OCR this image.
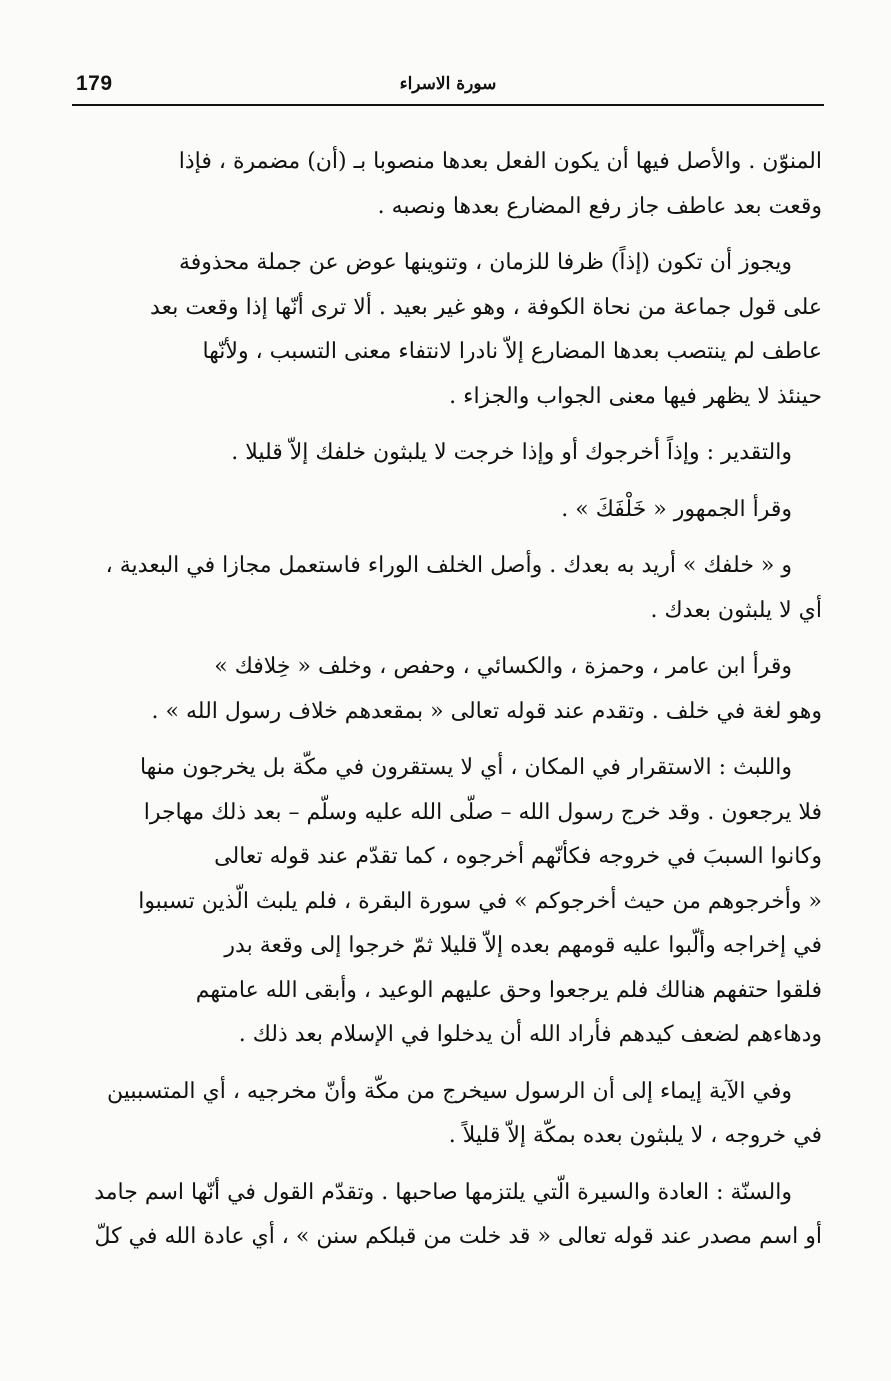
179	سورة الاسراء

المنوّن . والأصل فيها أن يكون الفعل بعدها منصوبا بـ (أن) مضمرة ، فإذا
وقعت بعد عاطف جاز رفع المضارع بعدها ونصبه .

ويجوز أن تكون (إذاً) ظرفا للزمان ، وتنوينها عوض عن جملة محذوفة
على قول جماعة من نحاة الكوفة ، وهو غير بعيد . ألا ترى أنّها إذا وقعت بعد
عاطف لم ينتصب بعدها المضارع إلاّ نادرا لانتفاء معنى التسبب ، ولأنّها
حينئذ لا يظهر فيها معنى الجواب والجزاء .

والتقدير : وإذاً أخرجوك أو وإذا خرجت لا يلبثون خلفك إلاّ قليلا .

وقرأ الجمهور « خَلْفَكَ » .

و « خلفك » أريد به بعدك . وأصل الخلف الوراء فاستعمل مجازا في البعدية ،
أي لا يلبثون بعدك .

وقرأ ابن عامر ، وحمزة ، والكسائي ، وحفص ، وخلف « خِلافك »
وهو لغة في خلف . وتقدم عند قوله تعالى « بمقعدهم خلاف رسول الله » .

واللبث : الاستقرار في المكان ، أي لا يستقرون في مكّة بل يخرجون منها
فلا يرجعون . وقد خرج رسول الله – صلّى الله عليه وسلّم – بعد ذلك مهاجرا
وكانوا السببَ في خروجه فكأنّهم أخرجوه ، كما تقدّم عند قوله تعالى
« وأخرجوهم من حيث أخرجوكم » في سورة البقرة ، فلم يلبث الّذين تسببوا
في إخراجه وألّبوا عليه قومهم بعده إلاّ قليلا ثمّ خرجوا إلى وقعة بدر
فلقوا حتفهم هنالك فلم يرجعوا وحق عليهم الوعيد ، وأبقى الله عامتهم
ودهاءهم لضعف كيدهم فأراد الله أن يدخلوا في الإسلام بعد ذلك .

وفي الآية إيماء إلى أن الرسول سيخرج من مكّة وأنّ مخرجيه ، أي المتسببين
في خروجه ، لا يلبثون بعده بمكّة إلاّ قليلاً .

والسنّة : العادة والسيرة الّتي يلتزمها صاحبها . وتقدّم القول في أنّها اسم جامد
أو اسم مصدر عند قوله تعالى « قد خلت من قبلكم سنن » ، أي عادة الله في كلّ
